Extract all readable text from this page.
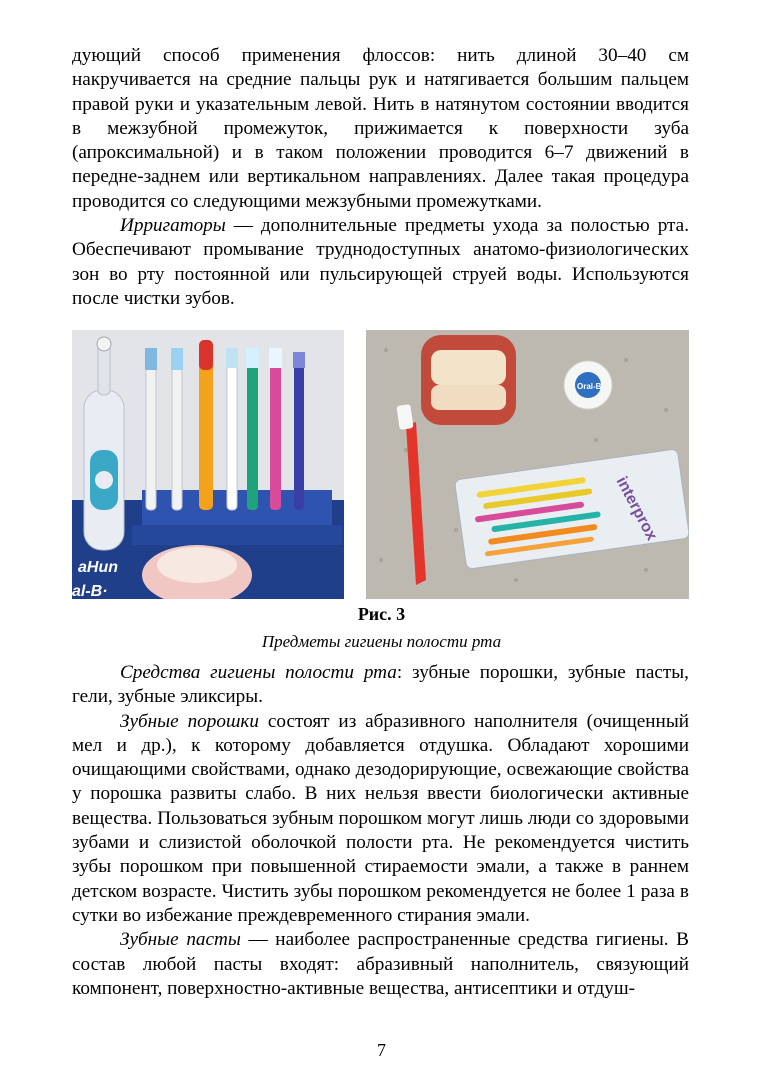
дующий способ применения флоссов: нить длиной 30–40 см накручивается на средние пальцы рук и натягивается большим пальцем правой руки и указательным левой. Нить в натянутом состоянии вводится в межзубной промежуток, прижимается к поверхности зуба (апроксимальной) и в таком положении проводится 6–7 движений в передне-заднем или вертикальном направлениях. Далее такая процедура проводится со следующими межзубными промежутками.

Ирригаторы — дополнительные предметы ухода за полостью рта. Обеспечивают промывание труднодоступных анатомо-физиологических зон во рту постоянной или пульсирующей струей воды. Используются после чистки зубов.

aHun
al-B·
Oral-B
interprox
Рис. 3
Предметы гигиены полости рта

Средства гигиены полости рта: зубные порошки, зубные пасты, гели, зубные эликсиры.

Зубные порошки состоят из абразивного наполнителя (очищенный мел и др.), к которому добавляется отдушка. Обладают хорошими очищающими свойствами, однако дезодорирующие, освежающие свойства у порошка развиты слабо. В них нельзя ввести биологически активные вещества. Пользоваться зубным порошком могут лишь люди со здоровыми зубами и слизистой оболочкой полости рта. Не рекомендуется чистить зубы порошком при повышенной стираемости эмали, а также в раннем детском возрасте. Чистить зубы порошком рекомендуется не более 1 раза в сутки во избежание преждевременного стирания эмали.

Зубные пасты — наиболее распространенные средства гигиены. В состав любой пасты входят: абразивный наполнитель, связующий компонент, поверхностно-активные вещества, антисептики и отдуш-

7
